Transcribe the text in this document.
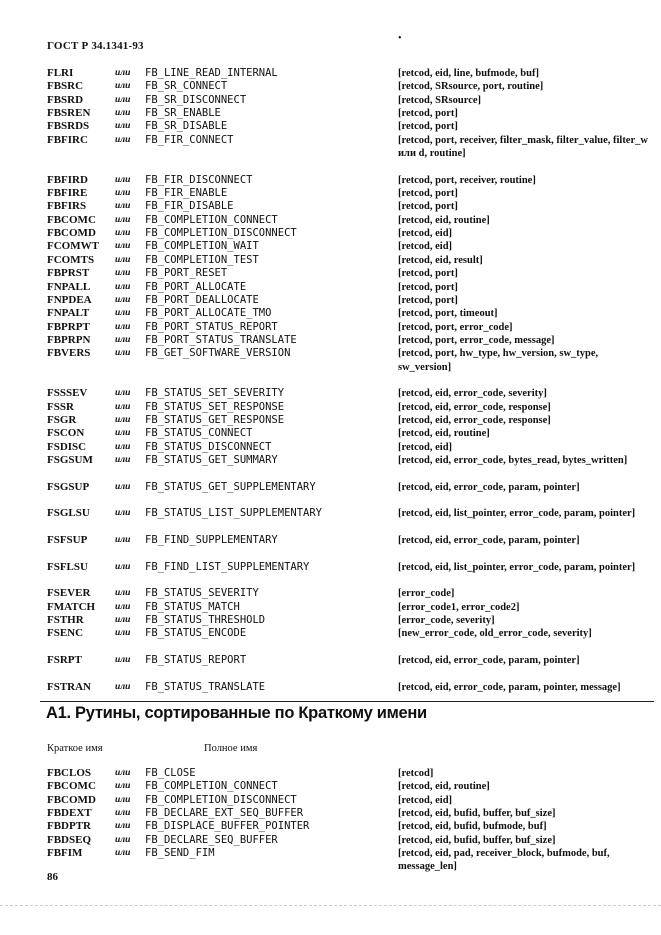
ГОСТ Р 34.1341-93
•
FLRI	или FB_LINE_READ_INTERNAL	[retcod, eid, line, bufmode, buf]
FBSRC	или FB_SR_CONNECT	[retcod, SRsource, port, routine]
FBSRD	или FB_SR_DISCONNECT	[retcod, SRsource]
FBSREN	или FB_SR_ENABLE	[retcod, port]
FBSRDS	или FB_SR_DISABLE	[retcod, port]
FBFIRC	или FB_FIR_CONNECT	[retcod, port, receiver, filter_mask, filter_value, filter_w или d, routine]
FBFIRD	или FB_FIR_DISCONNECT	[retcod, port, receiver, routine]
FBFIRE	или FB_FIR_ENABLE	[retcod, port]
FBFIRS	или FB_FIR_DISABLE	[retcod, port]
FBCOMC или FB_COMPLETION_CONNECT	[retcod, eid, routine]
FBCOMD или FB_COMPLETION_DISCONNECT	[retcod, eid]
FCOMWT или FB_COMPLETION_WAIT	[retcod, eid]
FCOMTS или FB_COMPLETION_TEST	[retcod, eid, result]
FBPRST	или FB_PORT_RESET	[retcod, port]
FNPALL	или FB_PORT_ALLOCATE	[retcod, port]
FNPDEA или FB_PORT_DEALLOCATE	[retcod, port]
FNPALT	или FB_PORT_ALLOCATE_TMO	[retcod, port, timeout]
FBPRPT	или FB_PORT_STATUS_REPORT	[retcod, port, error_code]
FBPRPN	или FB_PORT_STATUS_TRANSLATE	[retcod, port, error_code, message]
FBVERS	или FB_GET_SOFTWARE_VERSION	[retcod, port, hw_type, hw_version, sw_type, sw_version]
FSSSEV	или FB_STATUS_SET_SEVERITY	[retcod, eid, error_code, severity]
FSSR	или FB_STATUS_SET_RESPONSE	[retcod, eid, error_code, response]
FSGR	или FB_STATUS_GET_RESPONSE	[retcod, eid, error_code, response]
FSCON	или FB_STATUS_CONNECT	[retcod, eid, routine]
FSDISC	или FB_STATUS_DISCONNECT	[retcod, eid]
FSGSUM или FB_STATUS_GET_SUMMARY	[retcod, eid, error_code, bytes_read, bytes_written]
FSGSUP	или FB_STATUS_GET_SUPPLEMENTARY	[retcod, eid, error_code, param, pointer]
FSGLSU	или FB_STATUS_LIST_SUPPLEMENTARY	[retcod, eid, list_pointer, error_code, param, pointer]
FSFSUP	или FB_FIND_SUPPLEMENTARY	[retcod, eid, error_code, param, pointer]
FSFLSU	или FB_FIND_LIST_SUPPLEMENTARY	[retcod, eid, list_pointer, error_code, param, pointer]
FSEVER	или FB_STATUS_SEVERITY	[error_code]
FMATCH или FB_STATUS_MATCH	[error_code1, error_code2]
FSTHR	или FB_STATUS_THRESHOLD	[error_code, severity]
FSENC	или FB_STATUS_ENCODE	[new_error_code, old_error_code, severity]
FSRPT	или FB_STATUS_REPORT	[retcod, eid, error_code, param, pointer]
FSTRAN	или FB_STATUS_TRANSLATE	[retcod, eid, error_code, param, pointer, message]
A1. Рутины, сортированные по Краткому имени
Краткое имя	Полное имя
FBCLOS	или FB_CLOSE	[retcod]
FBCOMC или FB_COMPLETION_CONNECT	[retcod, eid, routine]
FBCOMD или FB_COMPLETION_DISCONNECT	[retcod, eid]
FBDEXT или FB_DECLARE_EXT_SEQ_BUFFER	[retcod, eid, bufid, buffer, buf_size]
FBDPTR	или FB_DISPLACE_BUFFER_POINTER	[retcod, eid, bufid, bufmode, buf]
FBDSEQ	или FB_DECLARE_SEQ_BUFFER	[retcod, eid, bufid, buffer, buf_size]
FBFIM	или FB_SEND_FIM	[retcod, eid, pad, receiver_block, bufmode, buf, message_len]
86
